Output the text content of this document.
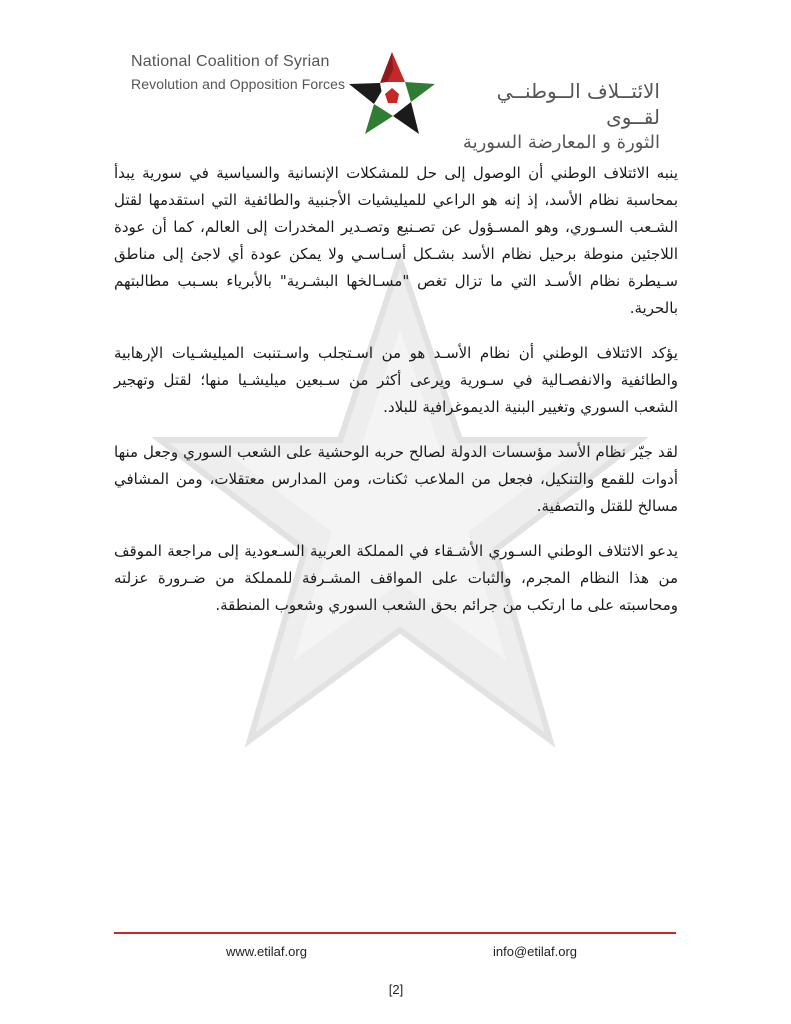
National Coalition of Syrian
Revolution and Opposition Forces	الائتــلاف الــوطنــي لقــوى
الثورة و المعارضة السورية

ينبه الائتلاف الوطني أن الوصول إلى حل للمشكلات الإنسانية والسياسية في سورية يبدأ بمحاسبة نظام الأسد، إذ إنه هو الراعي للميليشيات الأجنبية والطائفية التي استقدمها لقتل الشـعب السـوري، وهو المسـؤول عن تصـنيع وتصـدير المخدرات إلى العالم، كما أن عودة اللاجئين منوطة برحيل نظام الأسد بشـكل أسـاسـي ولا يمكن عودة أي لاجئ إلى مناطق سـيطرة نظام الأسـد التي ما تزال تغص "مسـالخها البشـرية" بالأبرياء بسـبب مطالبتهم بالحرية.

يؤكد الائتلاف الوطني أن نظام الأسـد هو من اسـتجلب واسـتنبت الميليشـيات الإرهابية والطائفية والانفصـالية في سـورية ويرعى أكثر من سـبعين ميليشـيا منها؛ لقتل وتهجير الشعب السوري وتغيير البنية الديموغرافية للبلاد.

لقد جيّر نظام الأسد مؤسسات الدولة لصالح حربه الوحشية على الشعب السوري وجعل منها أدوات للقمع والتنكيل، فجعل من الملاعب ثكنات، ومن المدارس معتقلات، ومن المشافي مسالخ للقتل والتصفية.

يدعو الائتلاف الوطني السـوري الأشـقاء في المملكة العربية السـعودية إلى مراجعة الموقف من هذا النظام المجرم، والثبات على المواقف المشـرفة للمملكة من ضـرورة عزلته ومحاسبته على ما ارتكب من جرائم بحق الشعب السوري وشعوب المنطقة.

www.etilaf.org	info@etilaf.org
[2]
